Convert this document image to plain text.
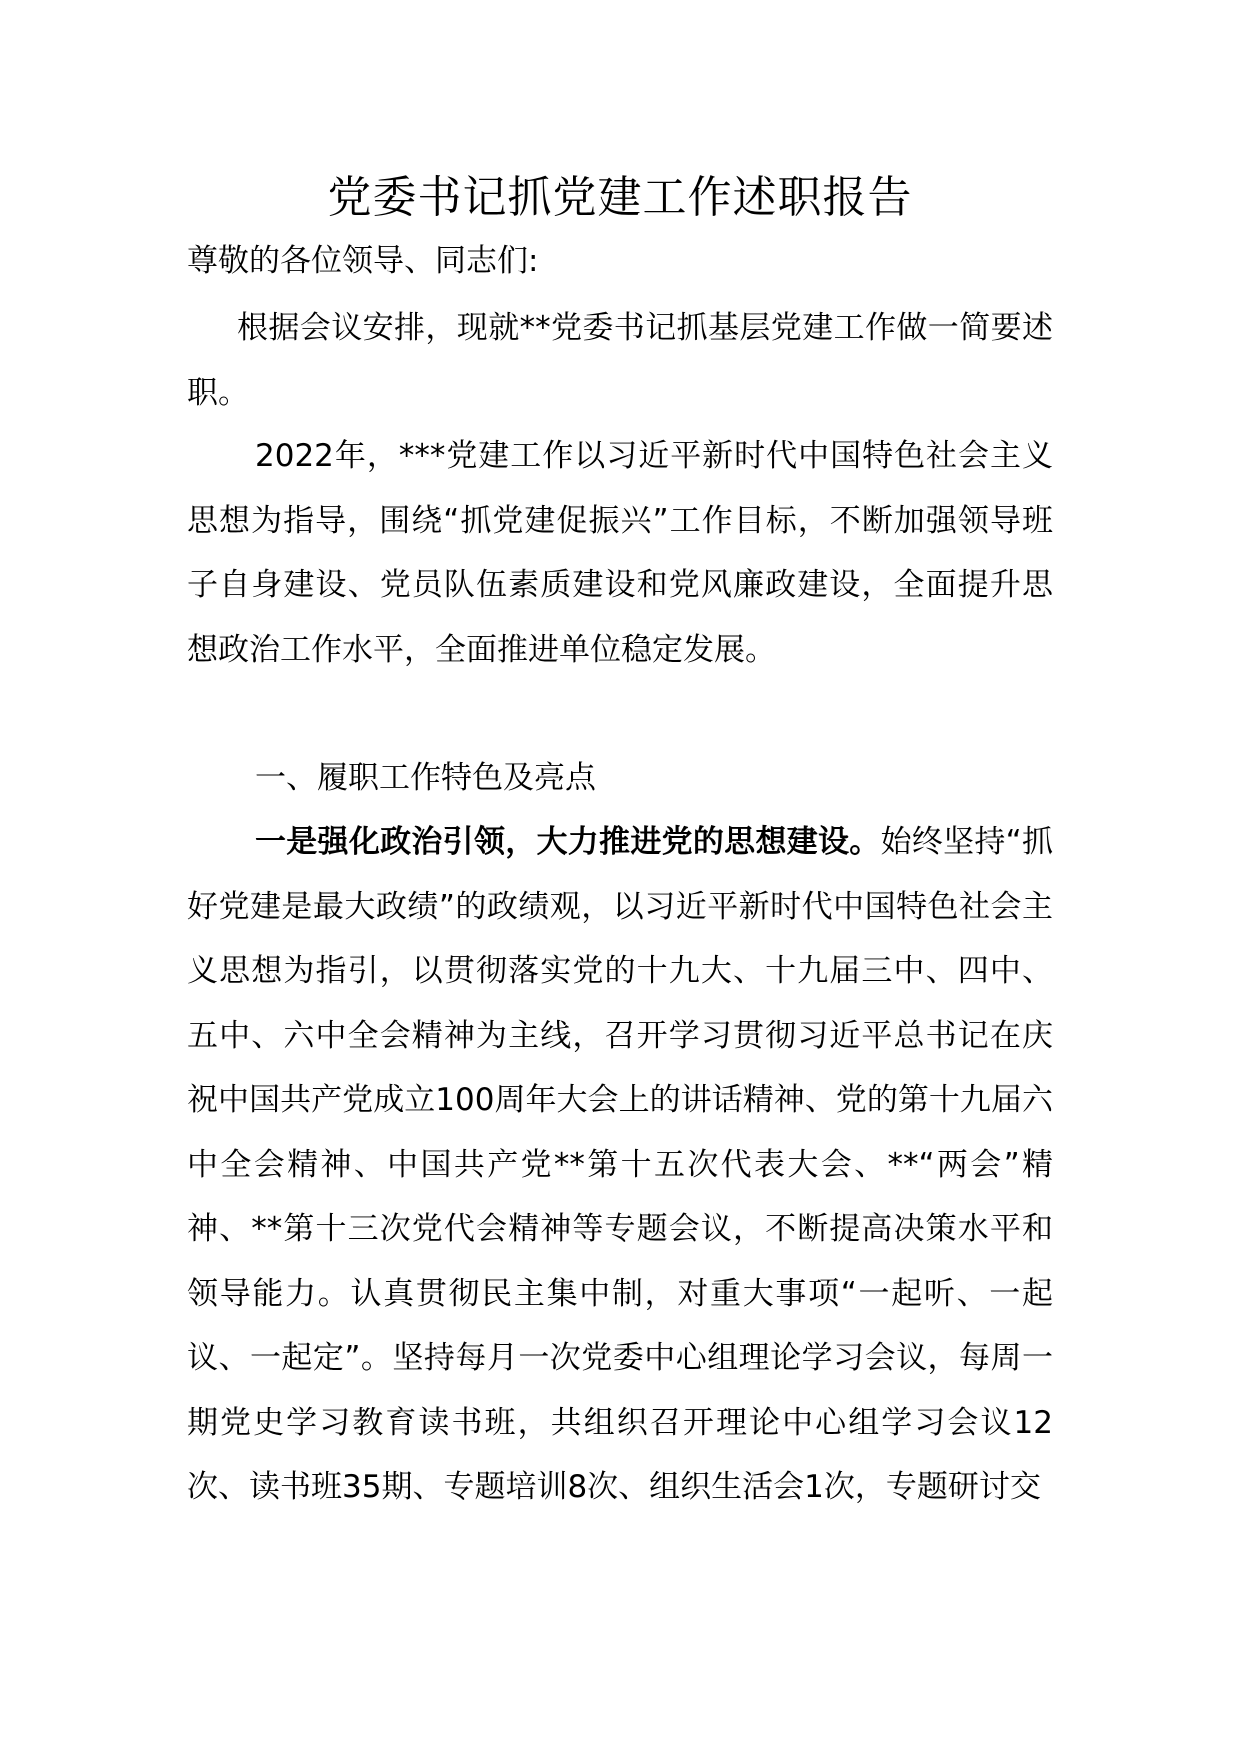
党委书记抓党建工作述职报告

尊敬的各位领导、同志们:

根据会议安排，现就**党委书记抓基层党建工作做一简要述职。

2022年，***党建工作以习近平新时代中国特色社会主义思想为指导，围绕“抓党建促振兴”工作目标，不断加强领导班子自身建设、党员队伍素质建设和党风廉政建设，全面提升思想政治工作水平，全面推进单位稳定发展。

一、履职工作特色及亮点

一是强化政治引领，大力推进党的思想建设。始终坚持“抓好党建是最大政绩”的政绩观，以习近平新时代中国特色社会主义思想为指引，以贯彻落实党的十九大、十九届三中、四中、五中、六中全会精神为主线，召开学习贯彻习近平总书记在庆祝中国共产党成立100周年大会上的讲话精神、党的第十九届六中全会精神、中国共产党**第十五次代表大会、**“两会”精神、**第十三次党代会精神等专题会议，不断提高决策水平和领导能力。认真贯彻民主集中制，对重大事项“一起听、一起议、一起定”。坚持每月一次党委中心组理论学习会议，每周一期党史学习教育读书班，共组织召开理论中心组学习会议12次、读书班35期、专题培训8次、组织生活会1次，专题研讨交
